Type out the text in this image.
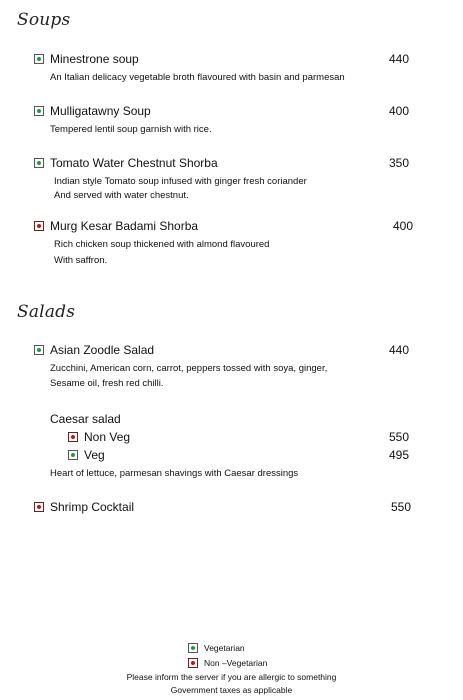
Soups
Minestrone soup	440
An Italian delicacy vegetable broth flavoured with basin and parmesan
Mulligatawny Soup	400
Tempered lentil soup garnish with rice.
Tomato Water Chestnut Shorba	350
Indian style Tomato soup infused with ginger fresh coriander
And served with water chestnut.
Murg Kesar Badami Shorba	400
Rich chicken soup thickened with almond flavoured
With saffron.
Salads
Asian Zoodle Salad	440
Zucchini, American corn, carrot, peppers tossed with soya, ginger,
Sesame oil, fresh red chilli.
Caesar salad
Non Veg	550
Veg	495
Heart of lettuce, parmesan shavings with Caesar dressings
Shrimp Cocktail	550
Vegetarian
Non –Vegetarian
Please inform the server if you are allergic to something
Government taxes as applicable
